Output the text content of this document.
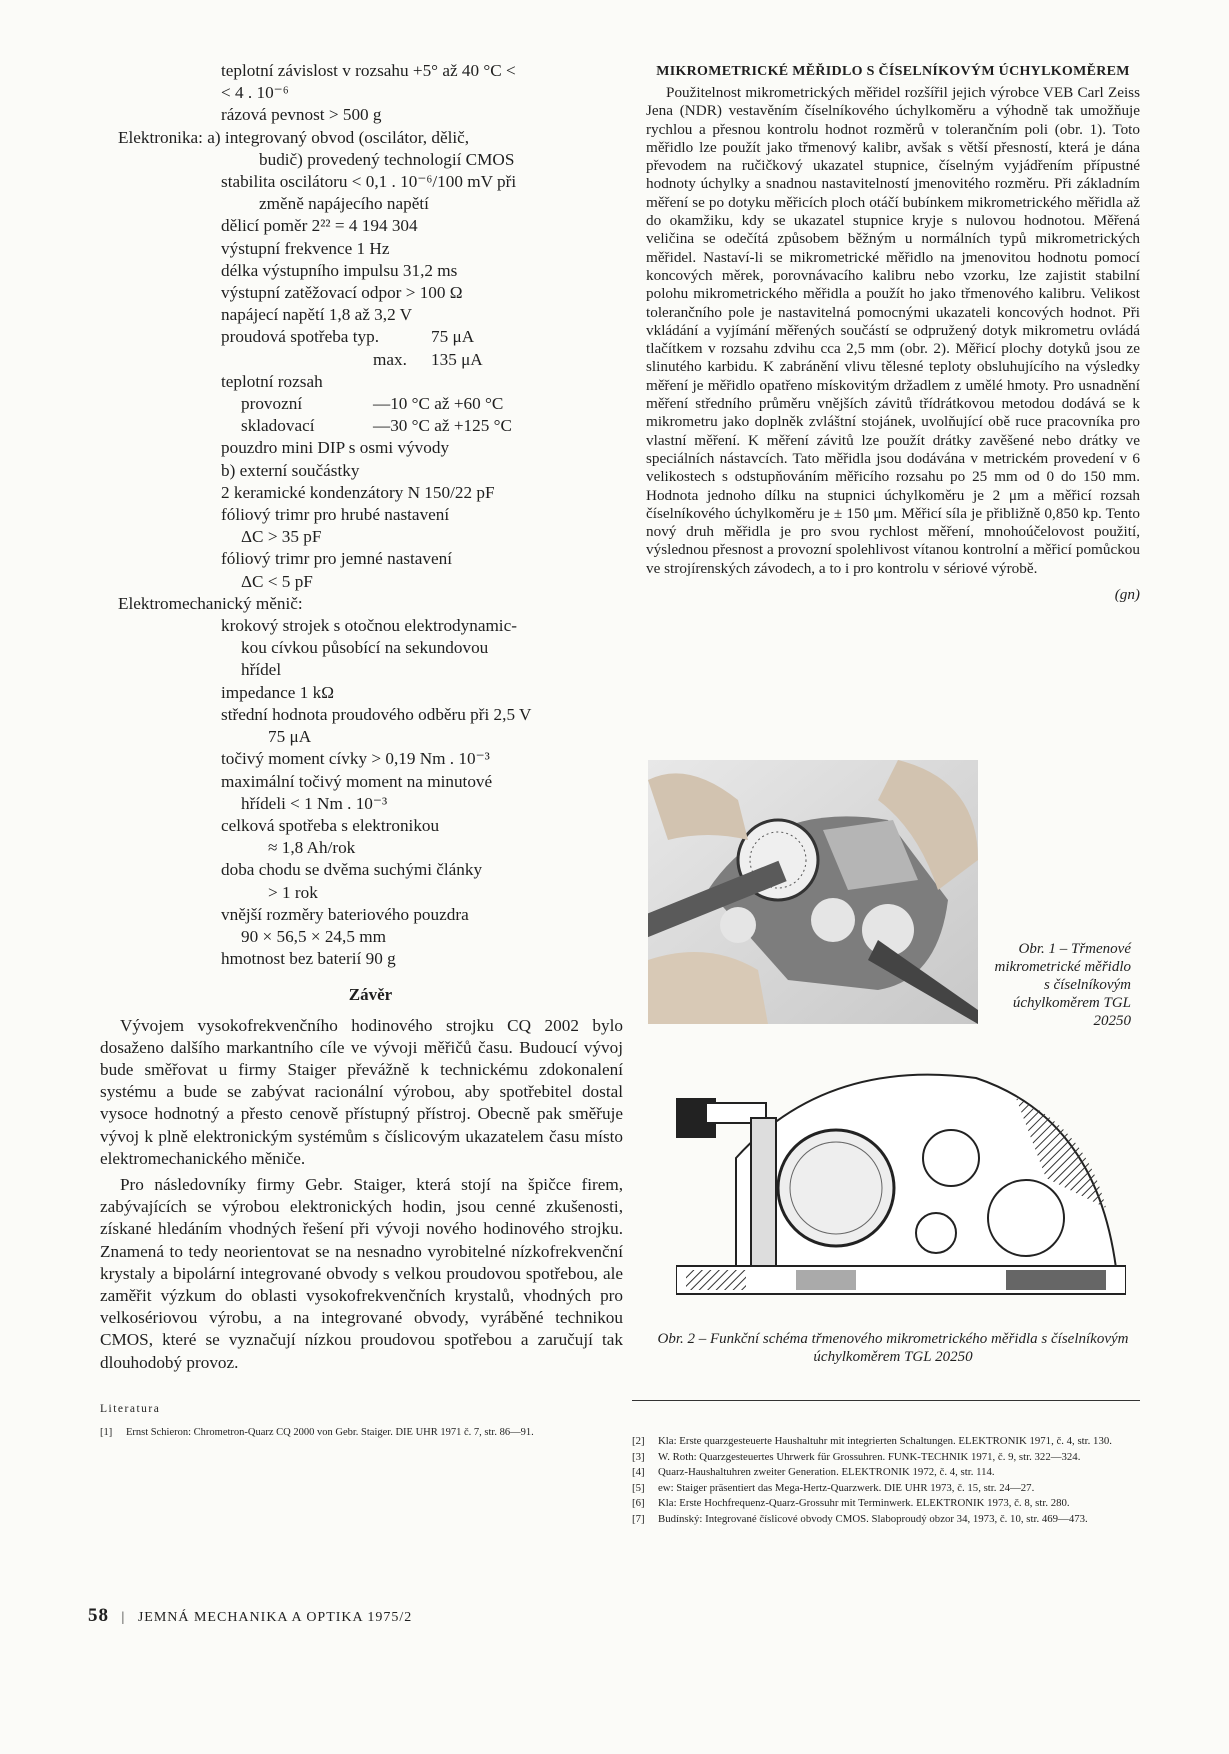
teplotní závislost v rozsahu +5° až 40 °C <
< 4 . 10⁻⁶
rázová pevnost > 500 g
Elektronika: a) integrovaný obvod (oscilátor, dělič,
budič) provedený technologií CMOS
stabilita oscilátoru < 0,1 . 10⁻⁶/100 mV při
změně napájecího napětí
dělicí poměr 2²² = 4 194 304
výstupní frekvence 1 Hz
délka výstupního impulsu 31,2 ms
výstupní zatěžovací odpor > 100 Ω
napájecí napětí 1,8 až 3,2 V
proudová spotřeba typ.	75 μA
max. 135 μA
teplotní rozsah
provozní	—10 °C až +60 °C
skladovací	—30 °C až +125 °C
pouzdro mini DIP s osmi vývody
b) externí součástky
2 keramické kondenzátory N 150/22 pF
fóliový trimr pro hrubé nastavení
ΔC > 35 pF
fóliový trimr pro jemné nastavení
ΔC < 5 pF
Elektromechanický měnič:
krokový strojek s otočnou elektrodynamic-
kou cívkou působící na sekundovou
hřídel
impedance 1 kΩ
střední hodnota proudového odběru při 2,5 V
75 μA
točivý moment cívky > 0,19 Nm . 10⁻³
maximální točivý moment na minutové
hřídeli < 1 Nm . 10⁻³
celková spotřeba s elektronikou
≈ 1,8 Ah/rok
doba chodu se dvěma suchými články
> 1 rok
vnější rozměry bateriového pouzdra
90 × 56,5 × 24,5 mm
hmotnost bez baterií 90 g
Závěr

Vývojem vysokofrekvenčního hodinového strojku CQ 2002 bylo dosaženo dalšího markantního cíle ve vývoji měřičů času. Budoucí vývoj bude směřovat u firmy Staiger převážně k technickému zdokonalení systému a bude se zabývat racionální výrobou, aby spotřebitel dostal vysoce hodnotný a přesto cenově přístupný přístroj. Obecně pak směřuje vývoj k plně elektronickým systémům s číslicovým ukazatelem času místo elektromechanického měniče.

Pro následovníky firmy Gebr. Staiger, která stojí na špičce firem, zabývajících se výrobou elektronických hodin, jsou cenné zkušenosti, získané hledáním vhodných řešení při vývoji nového hodinového strojku. Znamená to tedy neorientovat se na nesnadno vyrobitelné nízkofrekvenční krystaly a bipolární integrované obvody s velkou proudovou spotřebou, ale zaměřit výzkum do oblasti vysokofrekvenčních krystalů, vhodných pro velkosériovou výrobu, a na integrované obvody, vyráběné technikou CMOS, které se vyznačují nízkou proudovou spotřebou a zaručují tak dlouhodobý provoz.

Literatura
[1]	Ernst Schieron: Chrometron-Quarz CQ 2000 von Gebr. Staiger. DIE UHR 1971 č. 7, str. 86—91.
MIKROMETRICKÉ MĚŘIDLO S ČÍSELNÍKOVÝM ÚCHYLKOMĚREM

Použitelnost mikrometrických měřidel rozšířil jejich výrobce VEB Carl Zeiss Jena (NDR) vestavěním číselníkového úchylkoměru a výhodně tak umožňuje rychlou a přesnou kontrolu hodnot rozměrů v tolerančním poli (obr. 1). Toto měřidlo lze použít jako třmenový kalibr, avšak s větší přesností, která je dána převodem na ručičkový ukazatel stupnice, číselným vyjádřením přípustné hodnoty úchylky a snadnou nastavitelností jmenovitého rozměru. Při základním měření se po dotyku měřicích ploch otáčí bubínkem mikrometrického měřidla až do okamžiku, kdy se ukazatel stupnice kryje s nulovou hodnotou. Měřená veličina se odečítá způsobem běžným u normálních typů mikrometrických měřidel. Nastaví-li se mikrometrické měřidlo na jmenovitou hodnotu pomocí koncových měrek, porovnávacího kalibru nebo vzorku, lze zajistit stabilní polohu mikrometrického měřidla a použít ho jako třmenového kalibru. Velikost tolerančního pole je nastavitelná pomocnými ukazateli koncových hodnot. Při vkládání a vyjímání měřených součástí se odpružený dotyk mikrometru ovládá tlačítkem v rozsahu zdvihu cca 2,5 mm (obr. 2). Měřicí plochy dotyků jsou ze slinutého karbidu. K zabránění vlivu tělesné teploty obsluhujícího na výsledky měření je měřidlo opatřeno mískovitým držadlem z umělé hmoty. Pro usnadnění měření středního průměru vnějších závitů třídrátkovou metodou dodává se k mikrometru jako doplněk zvláštní stojánek, uvolňující obě ruce pracovníka pro vlastní měření. K měření závitů lze použít drátky zavěšené nebo drátky ve speciálních nástavcích. Tato měřidla jsou dodávána v metrickém provedení v 6 velikostech s odstupňováním měřicího rozsahu po 25 mm od 0 do 150 mm. Hodnota jednoho dílku na stupnici úchylkoměru je 2 μm a měřicí rozsah číselníkového úchylkoměru je ± 150 μm. Měřicí síla je přibližně 0,850 kp. Tento nový druh měřidla je pro svou rychlost měření, mnohoúčelovost použití, výslednou přesnost a provozní spolehlivost vítanou kontrolní a měřicí pomůckou ve strojírenských závodech, a to i pro kontrolu v sériové výrobě.

(gn)
Obr. 1 – Třmenové mikrometrické měřidlo s číselníkovým úchylkoměrem TGL 20250
Obr. 2 – Funkční schéma třmenového mikrometrického měřidla s číselníkovým úchylkoměrem TGL 20250
[2]	Kla: Erste quarzgesteuerte Haushaltuhr mit integrierten Schaltungen. ELEKTRONIK 1971, č. 4, str. 130.
[3]	W. Roth: Quarzgesteuertes Uhrwerk für Grossuhren. FUNK-TECHNIK 1971, č. 9, str. 322—324.
[4]	Quarz-Haushaltuhren zweiter Generation. ELEKTRONIK 1972, č. 4, str. 114.
[5]	ew: Staiger präsentiert das Mega-Hertz-Quarzwerk. DIE UHR 1973, č. 15, str. 24—27.
[6]	Kla: Erste Hochfrequenz-Quarz-Grossuhr mit Terminwerk. ELEKTRONIK 1973, č. 8, str. 280.
[7]	Budínský: Integrované číslicové obvody CMOS. Slaboproudý obzor 34, 1973, č. 10, str. 469—473.
58 | JEMNÁ MECHANIKA A OPTIKA 1975/2
